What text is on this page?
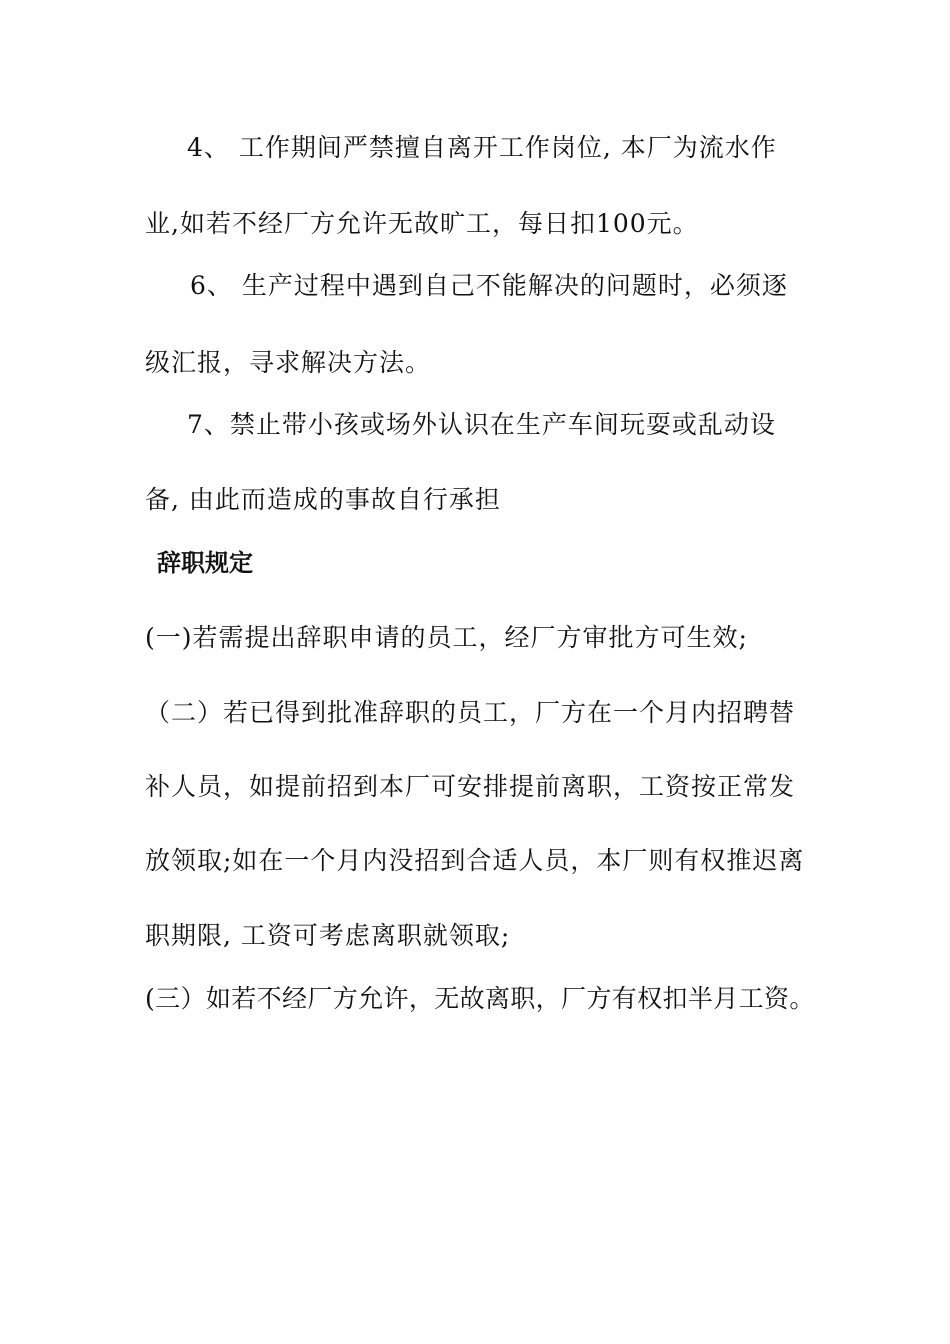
4、 工作期间严禁擅自离开工作岗位, 本厂为流水作
业,如若不经厂方允许无故旷工，每日扣100元。
6、 生产过程中遇到自己不能解决的问题时，必须逐
级汇报，寻求解决方法。
7、禁止带小孩或场外认识在生产车间玩耍或乱动设
备, 由此而造成的事故自行承担
辞职规定
(一)若需提出辞职申请的员工，经厂方审批方可生效;
（二）若已得到批准辞职的员工，厂方在一个月内招聘替
补人员，如提前招到本厂可安排提前离职，工资按正常发
放领取;如在一个月内没招到合适人员，本厂则有权推迟离
职期限, 工资可考虑离职就领取;
(三）如若不经厂方允许，无故离职，厂方有权扣半月工资。
